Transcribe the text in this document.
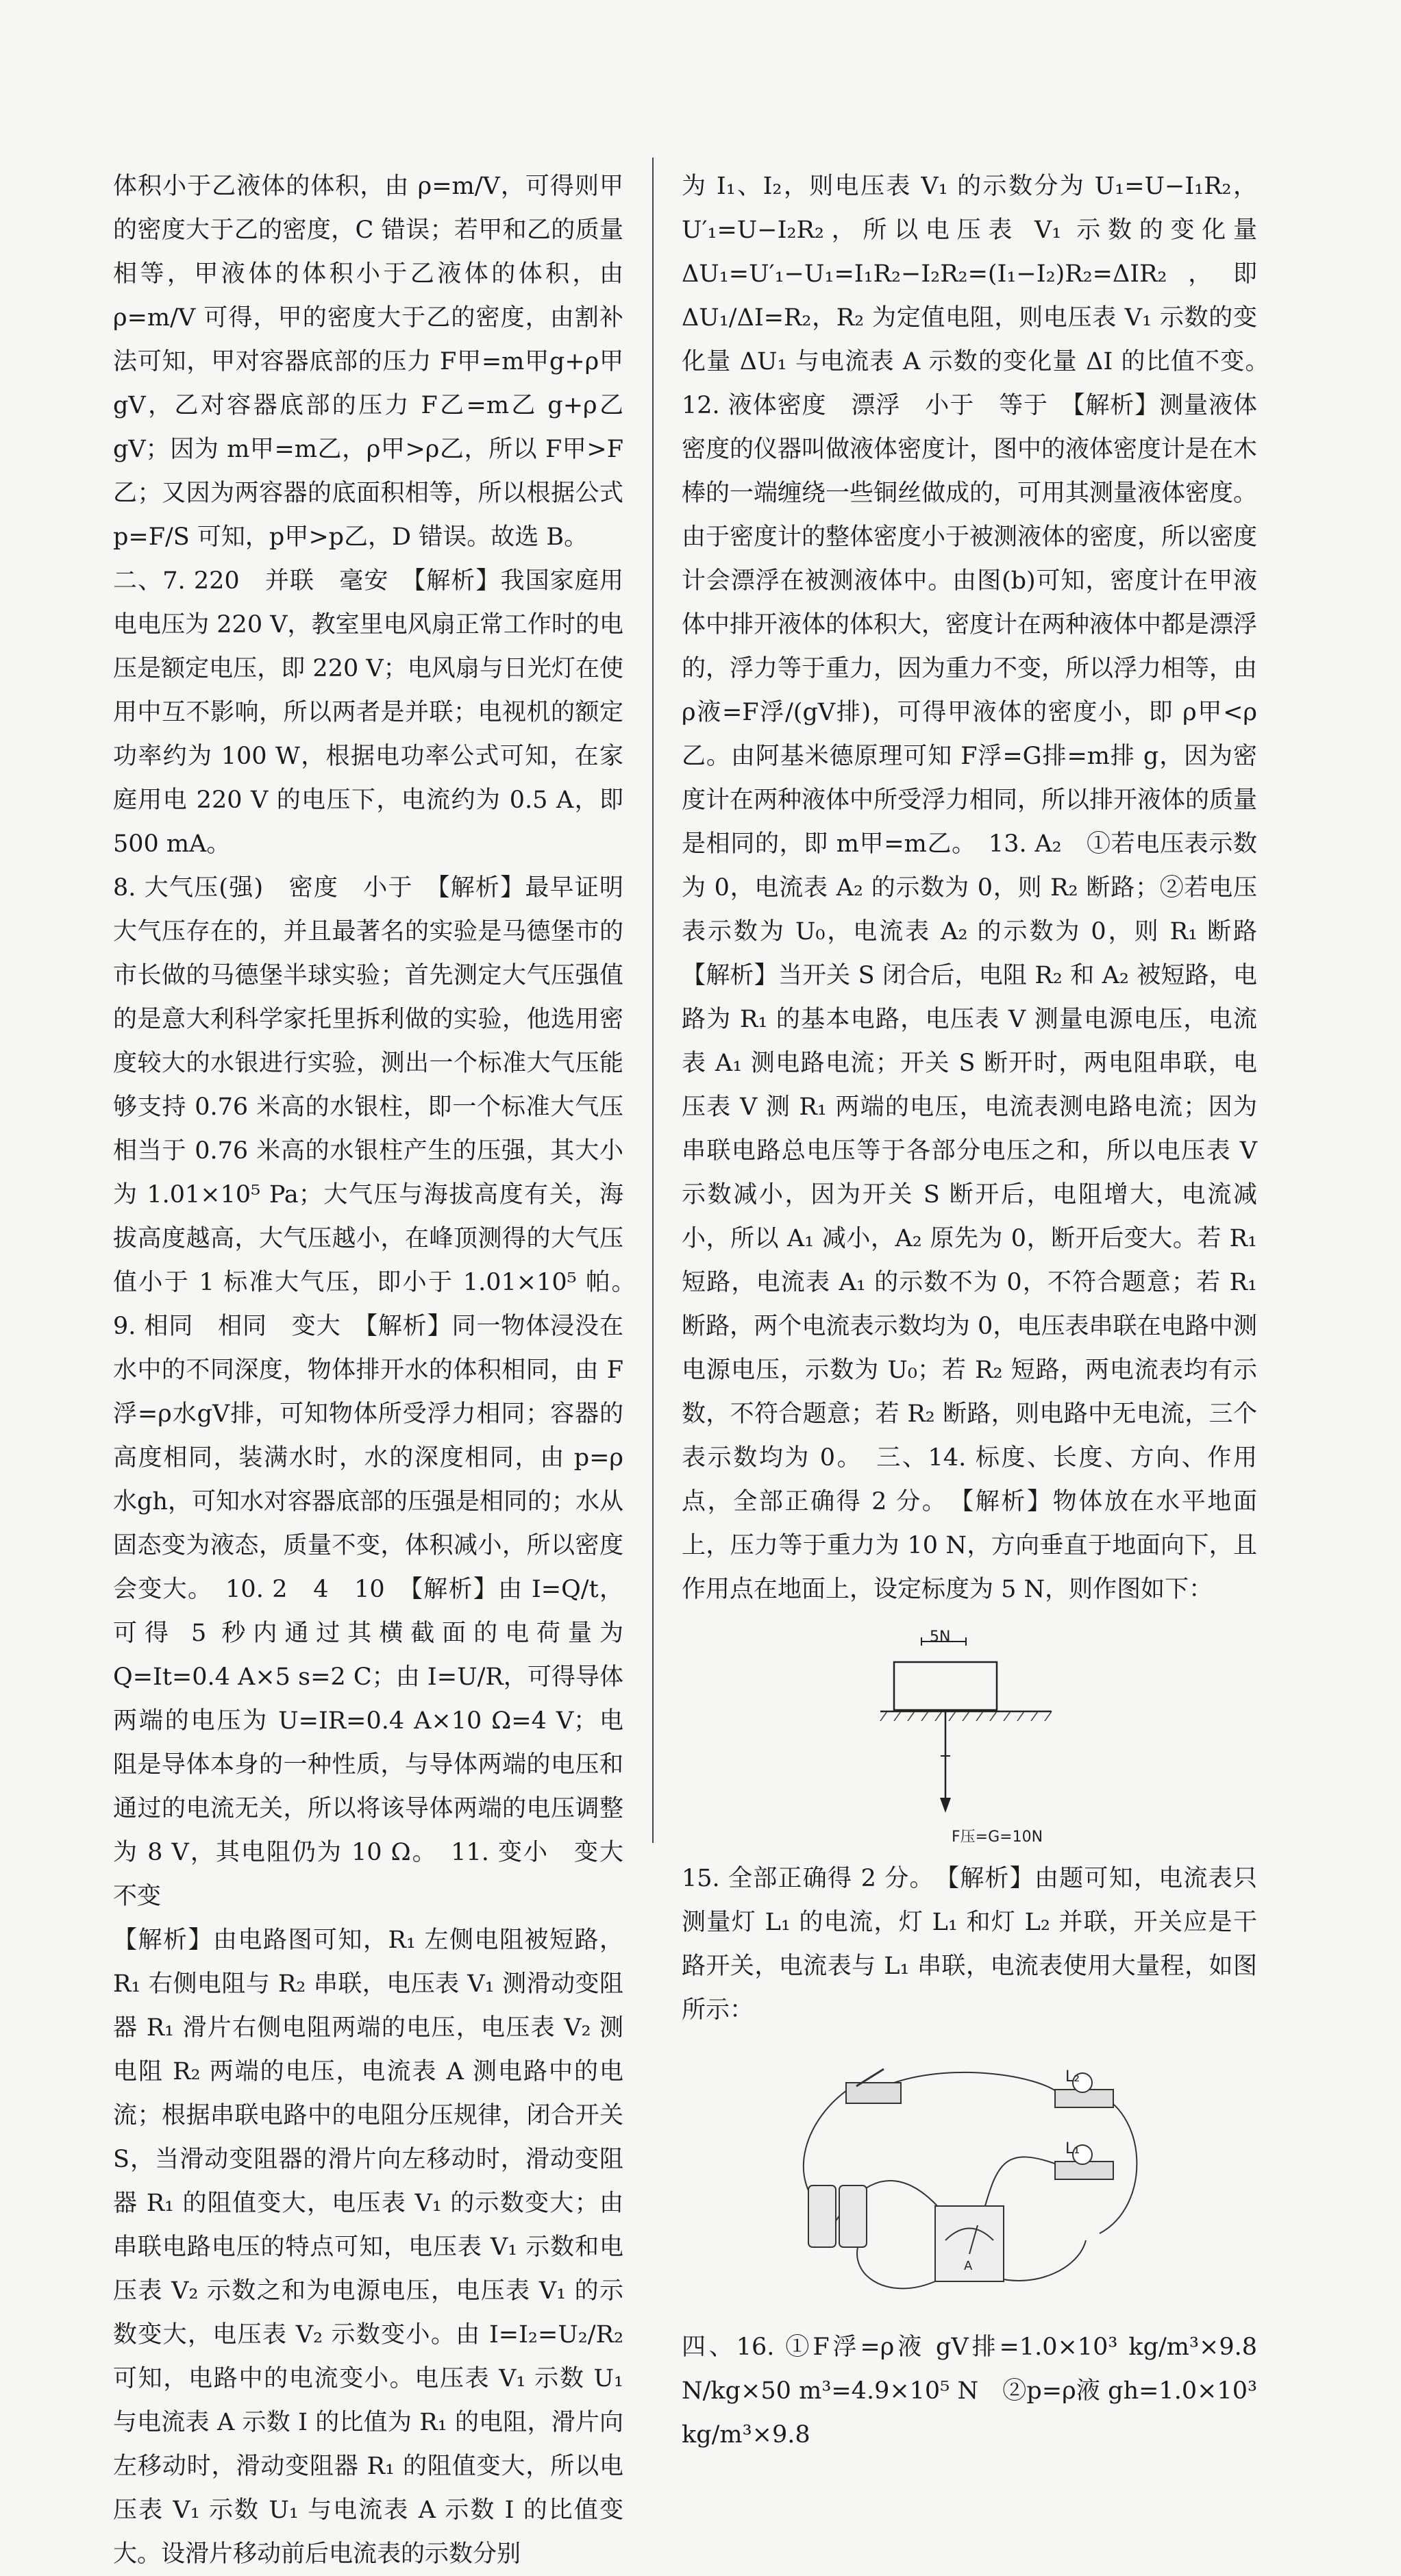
体积小于乙液体的体积，由 ρ=m/V，可得则甲的密度大于乙的密度，C 错误；若甲和乙的质量相等，甲液体的体积小于乙液体的体积，由 ρ=m/V 可得，甲的密度大于乙的密度，由割补法可知，甲对容器底部的压力 F甲=m甲g+ρ甲gV，乙对容器底部的压力 F乙=m乙 g+ρ乙 gV；因为 m甲=m乙，ρ甲>ρ乙，所以 F甲>F乙；又因为两容器的底面积相等，所以根据公式 p=F/S 可知，p甲>p乙，D 错误。故选 B。

二、7. 220　并联　毫安　【解析】我国家庭用电电压为 220 V，教室里电风扇正常工作时的电压是额定电压，即 220 V；电风扇与日光灯在使用中互不影响，所以两者是并联；电视机的额定功率约为 100 W，根据电功率公式可知，在家庭用电 220 V 的电压下，电流约为 0.5 A，即 500 mA。

8. 大气压(强)　密度　小于　【解析】最早证明大气压存在的，并且最著名的实验是马德堡市的市长做的马德堡半球实验；首先测定大气压强值的是意大利科学家托里拆利做的实验，他选用密度较大的水银进行实验，测出一个标准大气压能够支持 0.76 米高的水银柱，即一个标准大气压相当于 0.76 米高的水银柱产生的压强，其大小为 1.01×10⁵ Pa；大气压与海拔高度有关，海拔高度越高，大气压越小，在峰顶测得的大气压值小于 1 标准大气压，即小于 1.01×10⁵ 帕。　9. 相同　相同　变大　【解析】同一物体浸没在水中的不同深度，物体排开水的体积相同，由 F浮=ρ水gV排，可知物体所受浮力相同；容器的高度相同，装满水时，水的深度相同，由 p=ρ水gh，可知水对容器底部的压强是相同的；水从固态变为液态，质量不变，体积减小，所以密度会变大。　10. 2　4　10　【解析】由 I=Q/t，可得 5 秒内通过其横截面的电荷量为 Q=It=0.4 A×5 s=2 C；由 I=U/R，可得导体两端的电压为 U=IR=0.4 A×10 Ω=4 V；电阻是导体本身的一种性质，与导体两端的电压和通过的电流无关，所以将该导体两端的电压调整为 8 V，其电阻仍为 10 Ω。　11. 变小　变大　不变

【解析】由电路图可知，R₁ 左侧电阻被短路，R₁ 右侧电阻与 R₂ 串联，电压表 V₁ 测滑动变阻器 R₁ 滑片右侧电阻两端的电压，电压表 V₂ 测电阻 R₂ 两端的电压，电流表 A 测电路中的电流；根据串联电路中的电阻分压规律，闭合开关 S，当滑动变阻器的滑片向左移动时，滑动变阻器 R₁ 的阻值变大，电压表 V₁ 的示数变大；由串联电路电压的特点可知，电压表 V₁ 示数和电压表 V₂ 示数之和为电源电压，电压表 V₁ 的示数变大，电压表 V₂ 示数变小。由 I=I₂=U₂/R₂ 可知，电路中的电流变小。电压表 V₁ 示数 U₁ 与电流表 A 示数 I 的比值为 R₁ 的电阻，滑片向左移动时，滑动变阻器 R₁ 的阻值变大，所以电压表 V₁ 示数 U₁ 与电流表 A 示数 I 的比值变大。设滑片移动前后电流表的示数分别

为 I₁、I₂，则电压表 V₁ 的示数分为 U₁=U−I₁R₂，U′₁=U−I₂R₂，所以电压表 V₁ 示数的变化量 ΔU₁=U′₁−U₁=I₁R₂−I₂R₂=(I₁−I₂)R₂=ΔIR₂，即 ΔU₁/ΔI=R₂，R₂ 为定值电阻，则电压表 V₁ 示数的变化量 ΔU₁ 与电流表 A 示数的变化量 ΔI 的比值不变。　12. 液体密度　漂浮　小于　等于　【解析】测量液体密度的仪器叫做液体密度计，图中的液体密度计是在木棒的一端缠绕一些铜丝做成的，可用其测量液体密度。由于密度计的整体密度小于被测液体的密度，所以密度计会漂浮在被测液体中。由图(b)可知，密度计在甲液体中排开液体的体积大，密度计在两种液体中都是漂浮的，浮力等于重力，因为重力不变，所以浮力相等，由 ρ液=F浮/(gV排)，可得甲液体的密度小，即 ρ甲<ρ乙。由阿基米德原理可知 F浮=G排=m排 g，因为密度计在两种液体中所受浮力相同，所以排开液体的质量是相同的，即 m甲=m乙。　13. A₂　①若电压表示数为 0，电流表 A₂ 的示数为 0，则 R₂ 断路；②若电压表示数为 U₀，电流表 A₂ 的示数为 0，则 R₁ 断路　【解析】当开关 S 闭合后，电阻 R₂ 和 A₂ 被短路，电路为 R₁ 的基本电路，电压表 V 测量电源电压，电流表 A₁ 测电路电流；开关 S 断开时，两电阻串联，电压表 V 测 R₁ 两端的电压，电流表测电路电流；因为串联电路总电压等于各部分电压之和，所以电压表 V 示数减小，因为开关 S 断开后，电阻增大，电流减小，所以 A₁ 减小，A₂ 原先为 0，断开后变大。若 R₁ 短路，电流表 A₁ 的示数不为 0，不符合题意；若 R₁ 断路，两个电流表示数均为 0，电压表串联在电路中测电源电压，示数为 U₀；若 R₂ 短路，两电流表均有示数，不符合题意；若 R₂ 断路，则电路中无电流，三个表示数均为 0。　三、14. 标度、长度、方向、作用点，全部正确得 2 分。　【解析】物体放在水平地面上，压力等于重力为 10 N，方向垂直于地面向下，且作用点在地面上，设定标度为 5 N，则作图如下：

5N
F压=G=10N

15. 全部正确得 2 分。　【解析】由题可知，电流表只测量灯 L₁ 的电流，灯 L₁ 和灯 L₂ 并联，开关应是干路开关，电流表与 L₁ 串联，电流表使用大量程，如图所示：

L₂
L₁
A

四、16. ①F浮=ρ液 gV排=1.0×10³ kg/m³×9.8 N/kg×50 m³=4.9×10⁵ N　②p=ρ液 gh=1.0×10³ kg/m³×9.8
